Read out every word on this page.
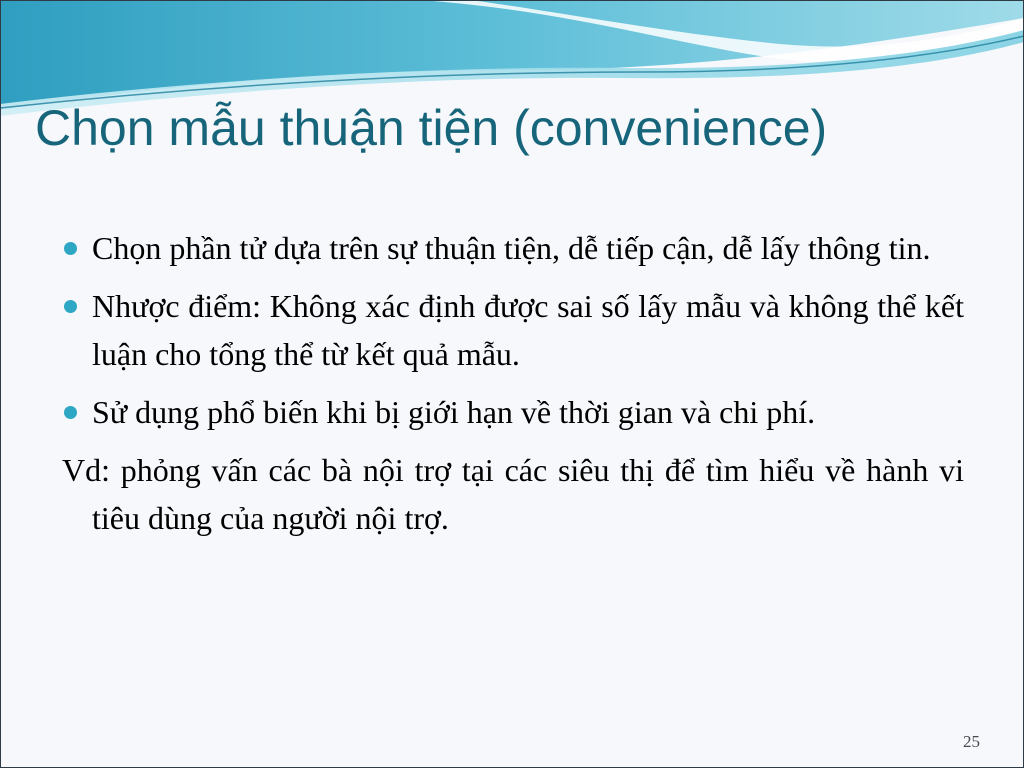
Chọn mẫu thuận tiện (convenience)
Chọn phần tử dựa trên sự thuận tiện, dễ tiếp cận, dễ lấy thông tin.
Nhược điểm: Không xác định được sai số lấy mẫu và không thể kết luận cho tổng thể từ kết quả mẫu.
Sử dụng phổ biến khi bị giới hạn về thời gian và chi phí.
Vd: phỏng vấn các bà nội trợ tại các siêu thị để tìm hiểu về hành vi tiêu dùng của người nội trợ.
25
